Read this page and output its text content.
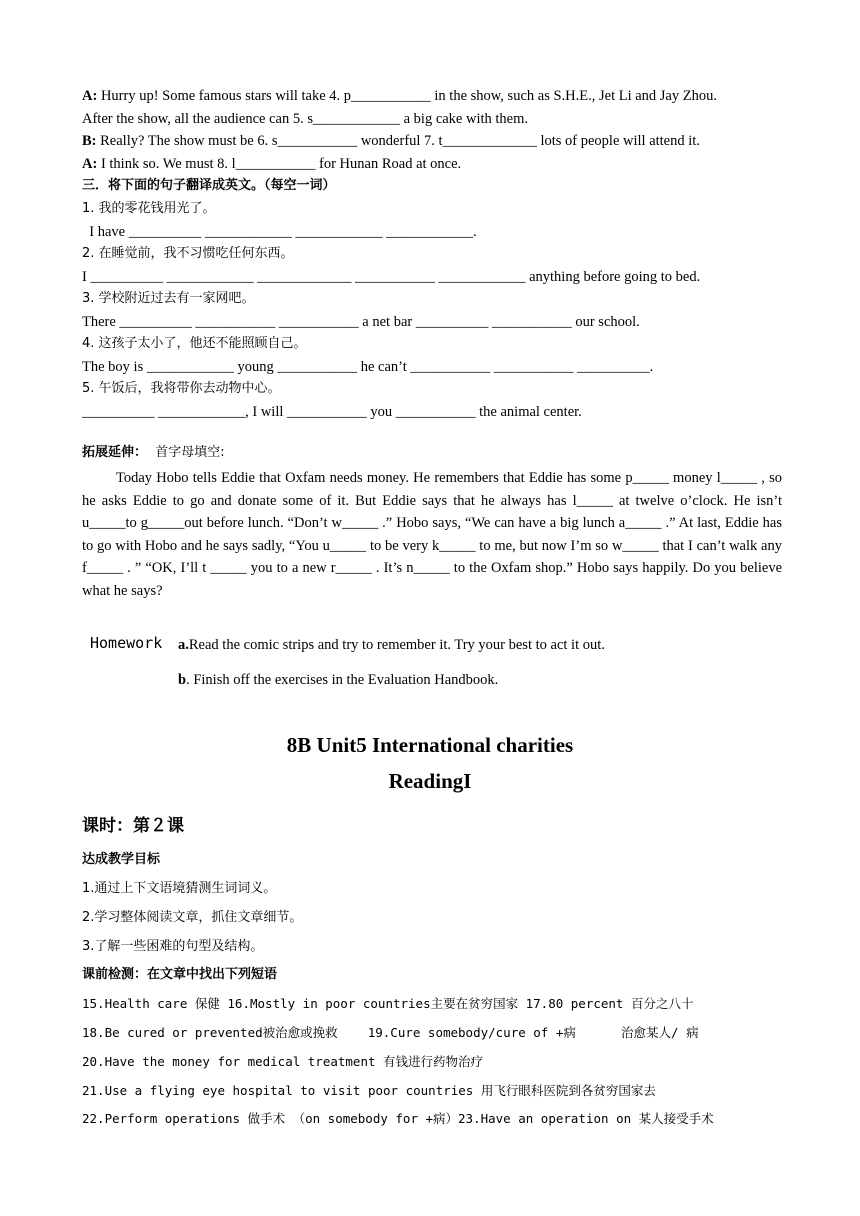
A: Hurry up! Some famous stars will take 4. p___________ in the show, such as S.H.E., Jet Li and Jay Zhou.
After the show, all the audience can 5. s____________ a big cake with them.
B: Really? The show must be 6. s___________ wonderful 7. t_____________ lots of people will attend it.
A: I think so. We must 8. l___________ for Hunan Road at once.
三．将下面的句子翻译成英文。（每空一词）
1. 我的零花钱用光了。
I have __________ ____________ ____________ ____________.
2. 在睡觉前，我不习惯吃任何东西。
I __________ ____________ _____________ ___________ ____________ anything before going to bed.
3. 学校附近过去有一家网吧。
There __________ ___________ ___________ a net bar __________ ___________ our school.
4. 这孩子太小了，他还不能照顾自己。
The boy is ____________ young ___________ he can’t ___________ ___________ __________.
5. 午饭后，我将带你去动物中心。
__________ ____________, I will ___________ you ___________ the animal center.
拓展延伸：  首字母填空:

Today Hobo tells Eddie that Oxfam needs money. He remembers that Eddie has some p_____ money l_____ , so he asks Eddie to go and donate some of it. But Eddie says that he always has l_____ at twelve o’clock. He isn’t u_____to g_____out before lunch. “Don’t w_____ .” Hobo says, “We can have a big lunch a_____ .” At last, Eddie has to go with Hobo and he says sadly, “You u_____ to be very k_____ to me, but now I’m so w_____ that I can’t walk any f_____ . ” “OK, I’ll t _____ you to a new r_____ . It’s n_____ to the Oxfam shop.” Hobo says happily. Do you believe what he says?

Homework a.Read the comic strips and try to remember it. Try your best to act it out.
b. Finish off the exercises in the Evaluation Handbook.
8B Unit5 International charities
ReadingI
课时：第２课
达成教学目标
1.通过上下文语境猜测生词词义。
2.学习整体阅读文章，抓住文章细节。
3.了解一些困难的句型及结构。
课前检测：在文章中找出下列短语
15.Health care 保健 16.Mostly in poor countries主要在贫穷国家 17.80 percent 百分之八十
18.Be cured or prevented被治愈或挽救    19.Cure somebody/cure of +病      治愈某人/ 病
20.Have the money for medical treatment 有钱进行药物治疗
21.Use a flying eye hospital to visit poor countries 用飞行眼科医院到各贫穷国家去
22.Perform operations 做手术 （on somebody for +病）23.Have an operation on 某人接受手术
